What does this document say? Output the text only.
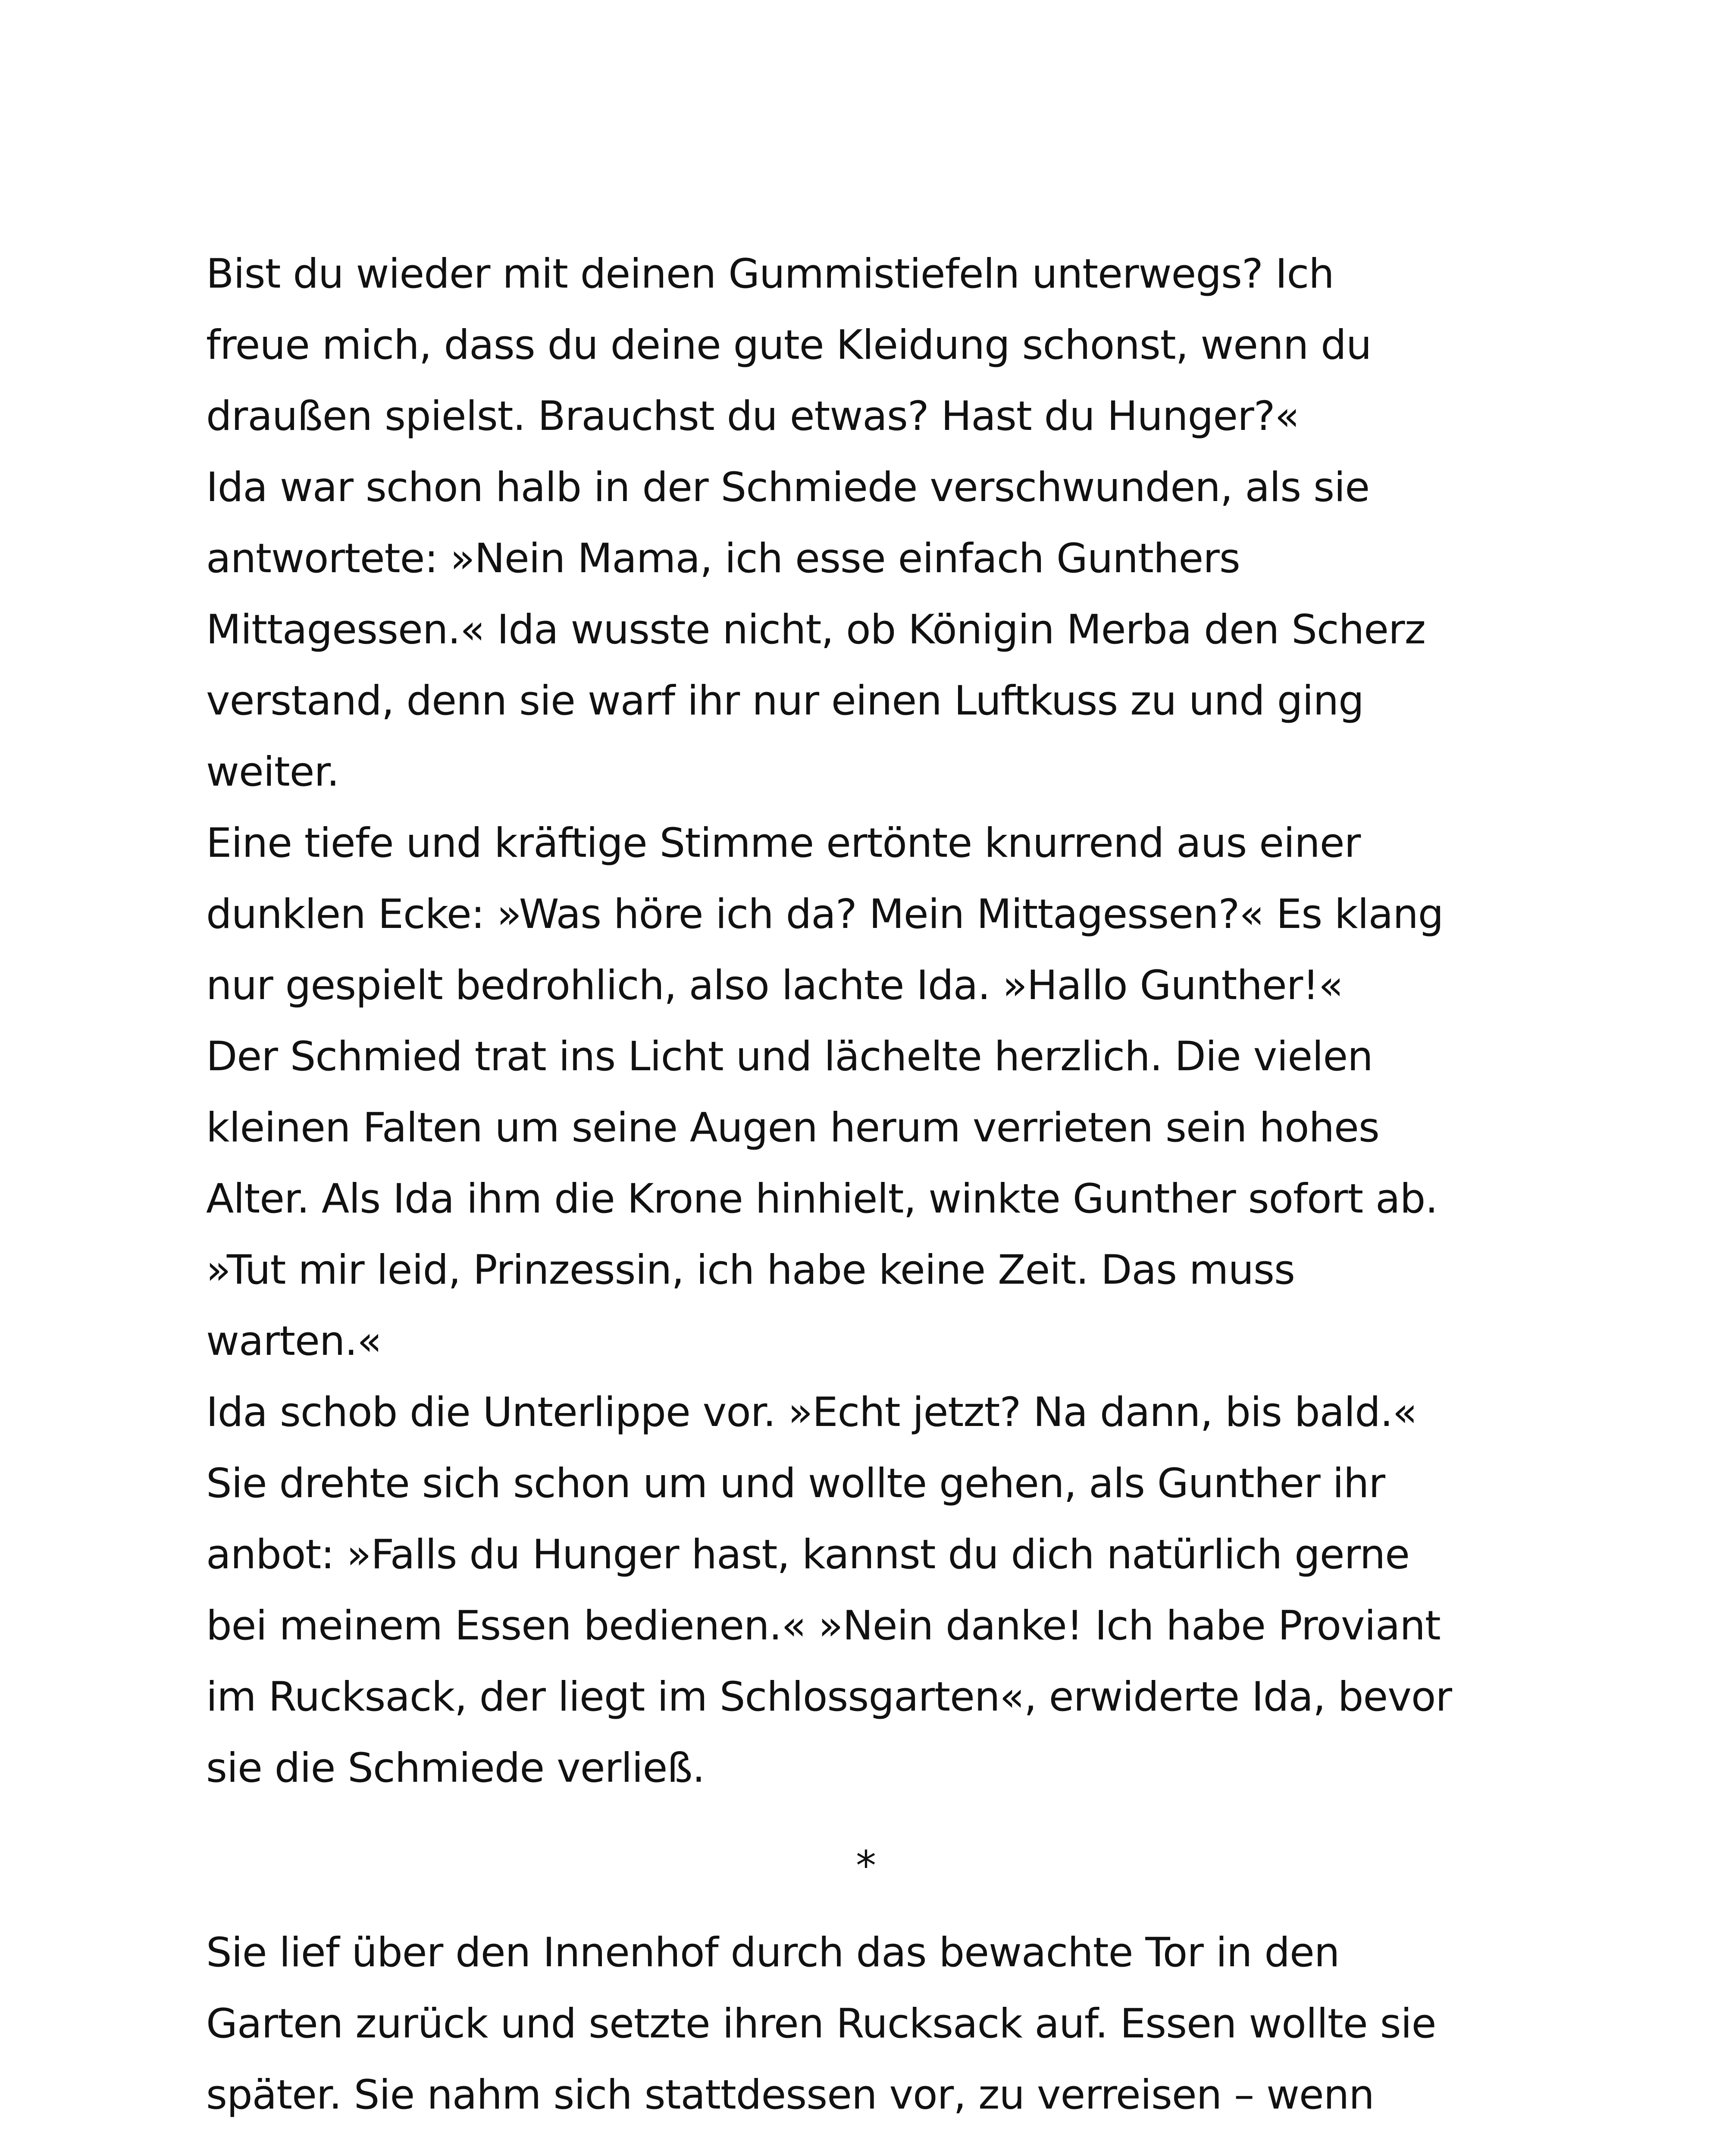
Bist du wieder mit deinen Gummistiefeln unterwegs? Ich
freue mich, dass du deine gute Kleidung schonst, wenn du
draußen spielst. Brauchst du etwas? Hast du Hunger?«
Ida war schon halb in der Schmiede verschwunden, als sie
antwortete: »Nein Mama, ich esse einfach Gunthers
Mittagessen.« Ida wusste nicht, ob Königin Merba den Scherz
verstand, denn sie warf ihr nur einen Luftkuss zu und ging
weiter.
Eine tiefe und kräftige Stimme ertönte knurrend aus einer
dunklen Ecke: »Was höre ich da? Mein Mittagessen?« Es klang
nur gespielt bedrohlich, also lachte Ida. »Hallo Gunther!«
Der Schmied trat ins Licht und lächelte herzlich. Die vielen
kleinen Falten um seine Augen herum verrieten sein hohes
Alter. Als Ida ihm die Krone hinhielt, winkte Gunther sofort ab.
»Tut mir leid, Prinzessin, ich habe keine Zeit. Das muss
warten.«
Ida schob die Unterlippe vor. »Echt jetzt? Na dann, bis bald.«
Sie drehte sich schon um und wollte gehen, als Gunther ihr
anbot: »Falls du Hunger hast, kannst du dich natürlich gerne
bei meinem Essen bedienen.« »Nein danke! Ich habe Proviant
im Rucksack, der liegt im Schlossgarten«, erwiderte Ida, bevor
sie die Schmiede verließ.
*
Sie lief über den Innenhof durch das bewachte Tor in den
Garten zurück und setzte ihren Rucksack auf. Essen wollte sie
später. Sie nahm sich stattdessen vor, zu verreisen – wenn
